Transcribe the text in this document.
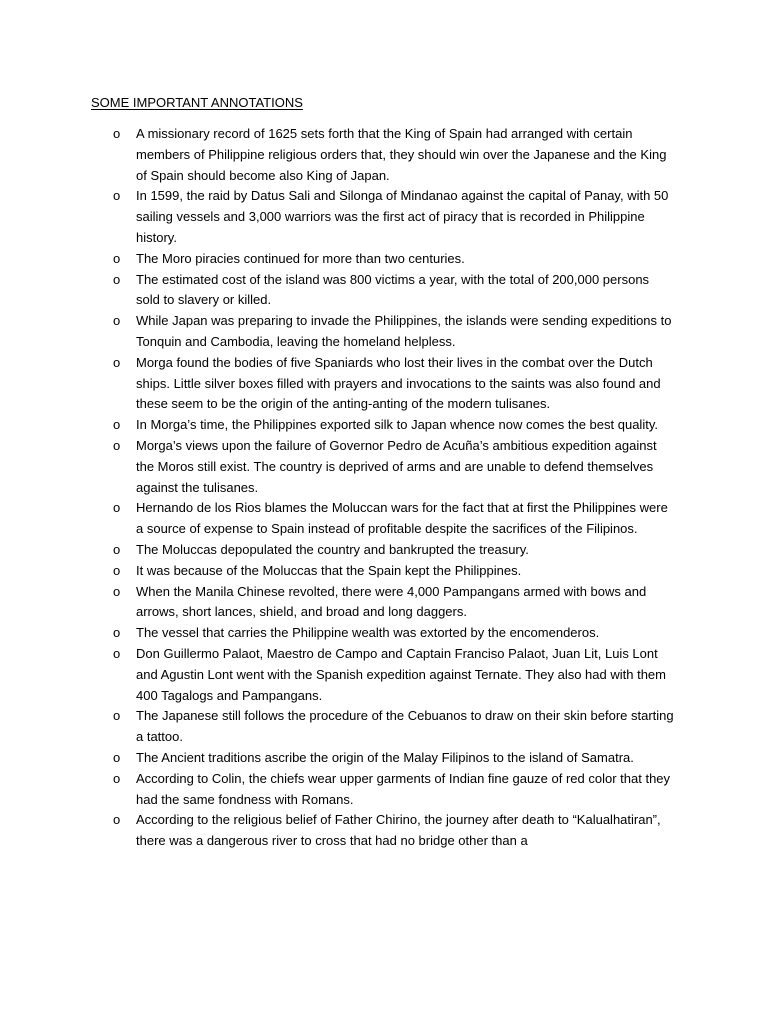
SOME IMPORTANT ANNOTATIONS
o A missionary record of 1625 sets forth that the King of Spain had arranged with certain members of Philippine religious orders that, they should win over the Japanese and the King of Spain should become also King of Japan.
o In 1599, the raid by Datus Sali and Silonga of Mindanao against the capital of Panay, with 50 sailing vessels and 3,000 warriors was the first act of piracy that is recorded in Philippine history.
o The Moro piracies continued for more than two centuries.
o The estimated cost of the island was 800 victims a year, with the total of 200,000 persons sold to slavery or killed.
o While Japan was preparing to invade the Philippines, the islands were sending expeditions to Tonquin and Cambodia, leaving the homeland helpless.
o Morga found the bodies of five Spaniards who lost their lives in the combat over the Dutch ships. Little silver boxes filled with prayers and invocations to the saints was also found and these seem to be the origin of the anting-anting of the modern tulisanes.
o In Morga’s time, the Philippines exported silk to Japan whence now comes the best quality.
o Morga’s views upon the failure of Governor Pedro de Acuña’s ambitious expedition against the Moros still exist. The country is deprived of arms and are unable to defend themselves against the tulisanes.
o Hernando de los Rios blames the Moluccan wars for the fact that at first the Philippines were a source of expense to Spain instead of profitable despite the sacrifices of the Filipinos.
o The Moluccas depopulated the country and bankrupted the treasury.
o It was because of the Moluccas that the Spain kept the Philippines.
o When the Manila Chinese revolted, there were 4,000 Pampangans armed with bows and arrows, short lances, shield, and broad and long daggers.
o The vessel that carries the Philippine wealth was extorted by the encomenderos.
o Don Guillermo Palaot, Maestro de Campo and Captain Franciso Palaot, Juan Lit, Luis Lont and Agustin Lont went with the Spanish expedition against Ternate. They also had with them 400 Tagalogs and Pampangans.
o The Japanese still follows the procedure of the Cebuanos to draw on their skin before starting a tattoo.
o The Ancient traditions ascribe the origin of the Malay Filipinos to the island of Samatra.
o According to Colin, the chiefs wear upper garments of Indian fine gauze of red color that they had the same fondness with Romans.
o According to the religious belief of Father Chirino, the journey after death to “Kalualhatiran”, there was a dangerous river to cross that had no bridge other than a
